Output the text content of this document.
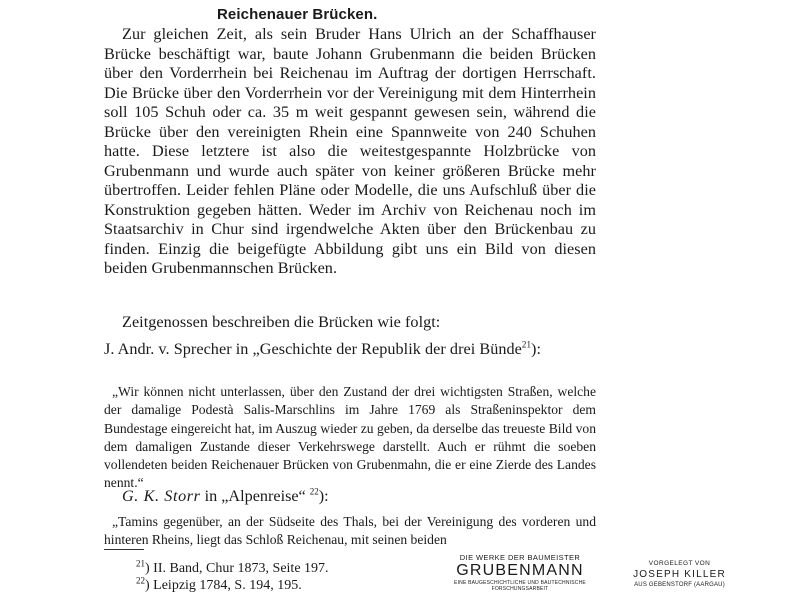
Reichenauer Brücken.
Zur gleichen Zeit, als sein Bruder Hans Ulrich an der Schaffhauser Brücke beschäftigt war, baute Johann Grubenmann die beiden Brücken über den Vorderrhein bei Reichenau im Auftrag der dortigen Herrschaft. Die Brücke über den Vorderrhein vor der Vereinigung mit dem Hinterrhein soll 105 Schuh oder ca. 35 m weit gespannt gewesen sein, während die Brücke über den vereinigten Rhein eine Spannweite von 240 Schuhen hatte. Diese letztere ist also die weitestgespannte Holzbrücke von Grubenmann und wurde auch später von keiner größeren Brücke mehr übertroffen. Leider fehlen Pläne oder Modelle, die uns Aufschluß über die Konstruktion gegeben hätten. Weder im Archiv von Reichenau noch im Staatsarchiv in Chur sind irgendwelche Akten über den Brückenbau zu finden. Einzig die beigefügte Abbildung gibt uns ein Bild von diesen beiden Grubenmannschen Brücken.
Zeitgenossen beschreiben die Brücken wie folgt:
J. Andr. v. Sprecher in „Geschichte der Republik der drei Bünde$^{21}$):
„Wir können nicht unterlassen, über den Zustand der drei wichtigsten Straßen, welche der damalige Podestà Salis-Marschlins im Jahre 1769 als Straßeninspektor dem Bundestage eingereicht hat, im Auszug wieder zu geben, da derselbe das treueste Bild von dem damaligen Zustande dieser Verkehrswege darstellt. Auch er rühmt die soeben vollendeten beiden Reichenauer Brücken von Grubenmahn, die er eine Zierde des Landes nennt.“
G. K. Storr in „Alpenreise“ $^{22}$):
„Tamins gegenüber, an der Südseite des Thals, bei der Vereinigung des vorderen und hinteren Rheins, liegt das Schloß Reichenau, mit seinen beiden
$^{21}$) II. Band, Chur 1873, Seite 197.
$^{22}$) Leipzig 1784, S. 194, 195.
DIE WERKE DER BAUMEISTER
GRUBENMANN
EINE BAUGESCHICHTLICHE UND BAUTECHNISCHE
FORSCHUNGSARBEIT
VORGELEGT VON
JOSEPH KILLER
AUS GEBENSTORF (AARGAU)
